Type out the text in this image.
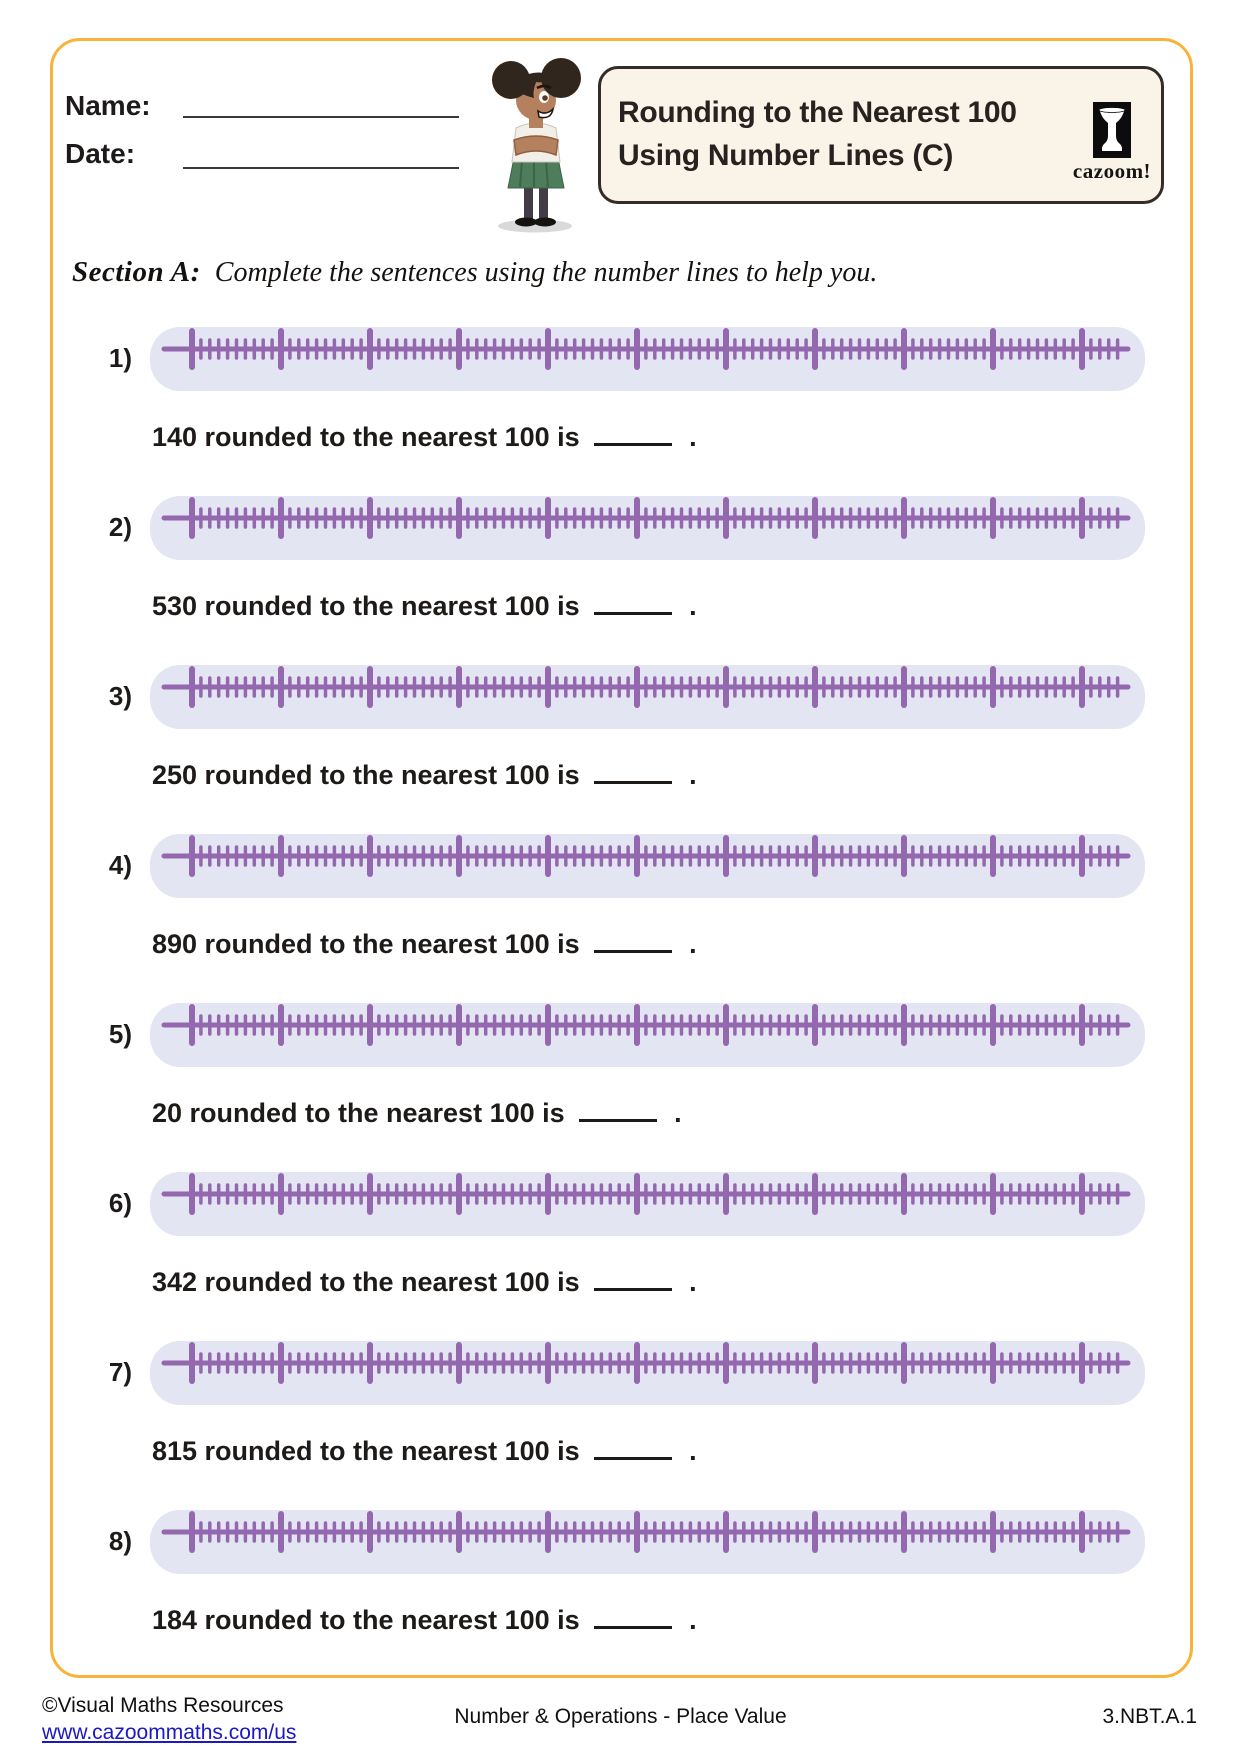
Name:
Date:
Rounding to the Nearest 100
Using Number Lines (C)	cazoom!
Section A: Complete the sentences using the number lines to help you.
1)
140 rounded to the nearest 100 is	.
2)
530 rounded to the nearest 100 is	.
3)
250 rounded to the nearest 100 is	.
4)
890 rounded to the nearest 100 is	.
5)
20 rounded to the nearest 100 is	.
6)
342 rounded to the nearest 100 is	.
7)
815 rounded to the nearest 100 is	.
8)
184 rounded to the nearest 100 is	.
©Visual Maths Resources
www.cazoommaths.com/us
Number & Operations - Place Value	3.NBT.A.1
